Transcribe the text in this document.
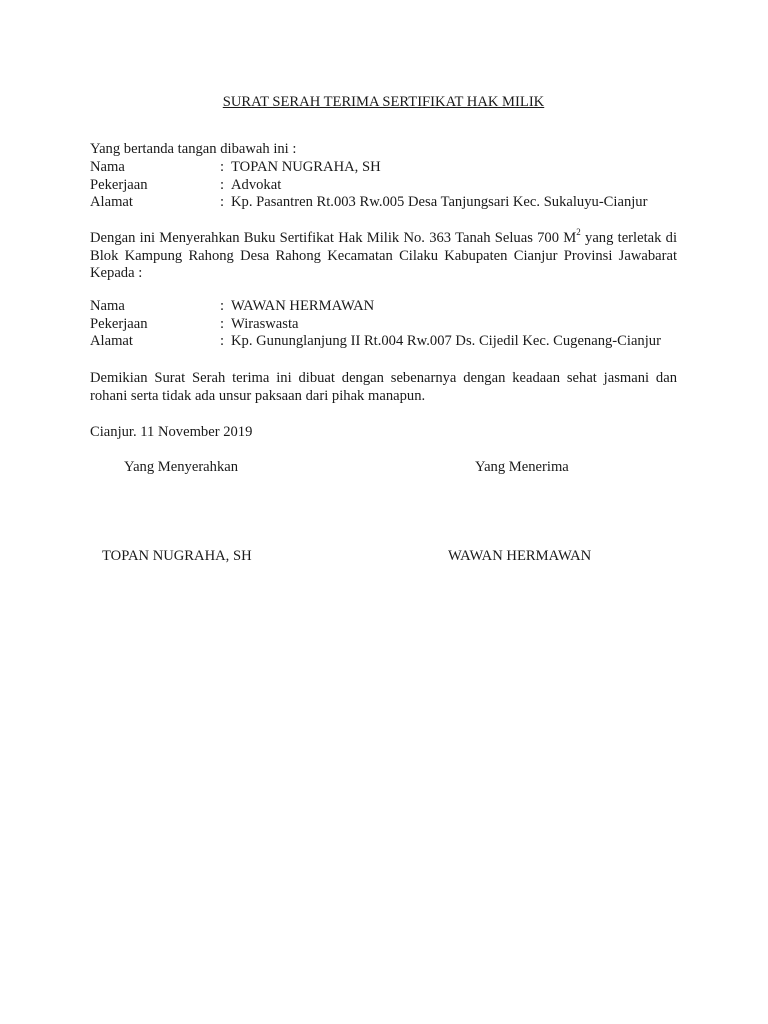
SURAT SERAH TERIMA SERTIFIKAT HAK MILIK

Yang bertanda tangan dibawah ini :

Nama	: TOPAN NUGRAHA, SH
Pekerjaan	: Advokat
Alamat	: Kp. Pasantren Rt.003 Rw.005 Desa Tanjungsari Kec. Sukaluyu-Cianjur

Dengan ini Menyerahkan Buku Sertifikat Hak Milik No. 363 Tanah Seluas 700 $M^2$ yang terletak di Blok Kampung Rahong Desa Rahong Kecamatan Cilaku Kabupaten Cianjur Provinsi Jawabarat Kepada :

Nama	: WAWAN HERMAWAN
Pekerjaan	: Wiraswasta
Alamat	: Kp. Gununglanjung II Rt.004 Rw.007 Ds. Cijedil Kec. Cugenang-Cianjur

Demikian Surat Serah terima ini dibuat dengan sebenarnya dengan keadaan sehat jasmani dan rohani serta tidak ada unsur paksaan dari pihak manapun.

Cianjur. 11 November 2019

Yang Menyerahkan	Yang Menerima

TOPAN NUGRAHA, SH	WAWAN HERMAWAN
